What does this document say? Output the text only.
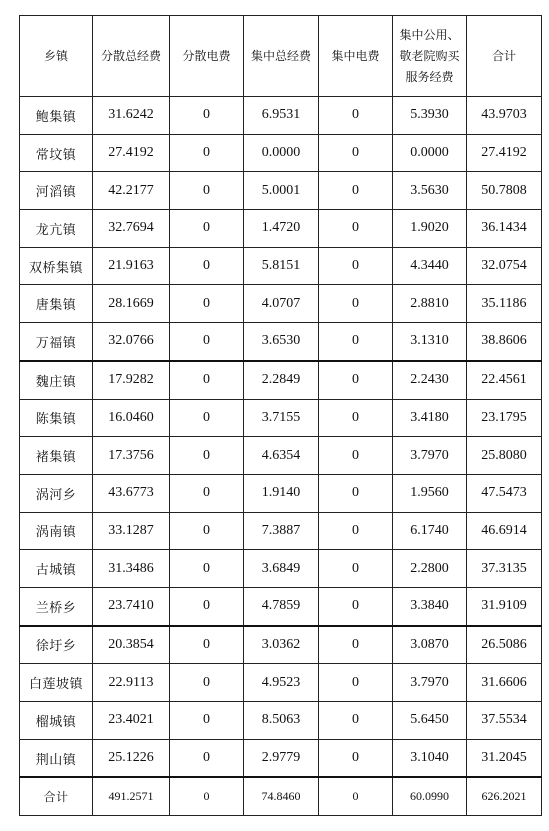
乡镇	分散总经费	分散电费	集中总经费	集中电费	集中公用、
敬老院购买
服务经费	合计
鲍集镇	31.6242	0	6.9531	0	5.3930	43.9703
常坟镇	27.4192	0	0.0000	0	0.0000	27.4192
河滔镇	42.2177	0	5.0001	0	3.5630	50.7808
龙亢镇	32.7694	0	1.4720	0	1.9020	36.1434
双桥集镇	21.9163	0	5.8151	0	4.3440	32.0754
唐集镇	28.1669	0	4.0707	0	2.8810	35.1186
万福镇	32.0766	0	3.6530	0	3.1310	38.8606
魏庄镇	17.9282	0	2.2849	0	2.2430	22.4561
陈集镇	16.0460	0	3.7155	0	3.4180	23.1795
褚集镇	17.3756	0	4.6354	0	3.7970	25.8080
涡河乡	43.6773	0	1.9140	0	1.9560	47.5473
涡南镇	33.1287	0	7.3887	0	6.1740	46.6914
古城镇	31.3486	0	3.6849	0	2.2800	37.3135
兰桥乡	23.7410	0	4.7859	0	3.3840	31.9109
徐圩乡	20.3854	0	3.0362	0	3.0870	26.5086
白莲坡镇	22.9113	0	4.9523	0	3.7970	31.6606
榴城镇	23.4021	0	8.5063	0	5.6450	37.5534
荆山镇	25.1226	0	2.9779	0	3.1040	31.2045
合计	491.2571	0	74.8460	0	60.0990	626.2021
